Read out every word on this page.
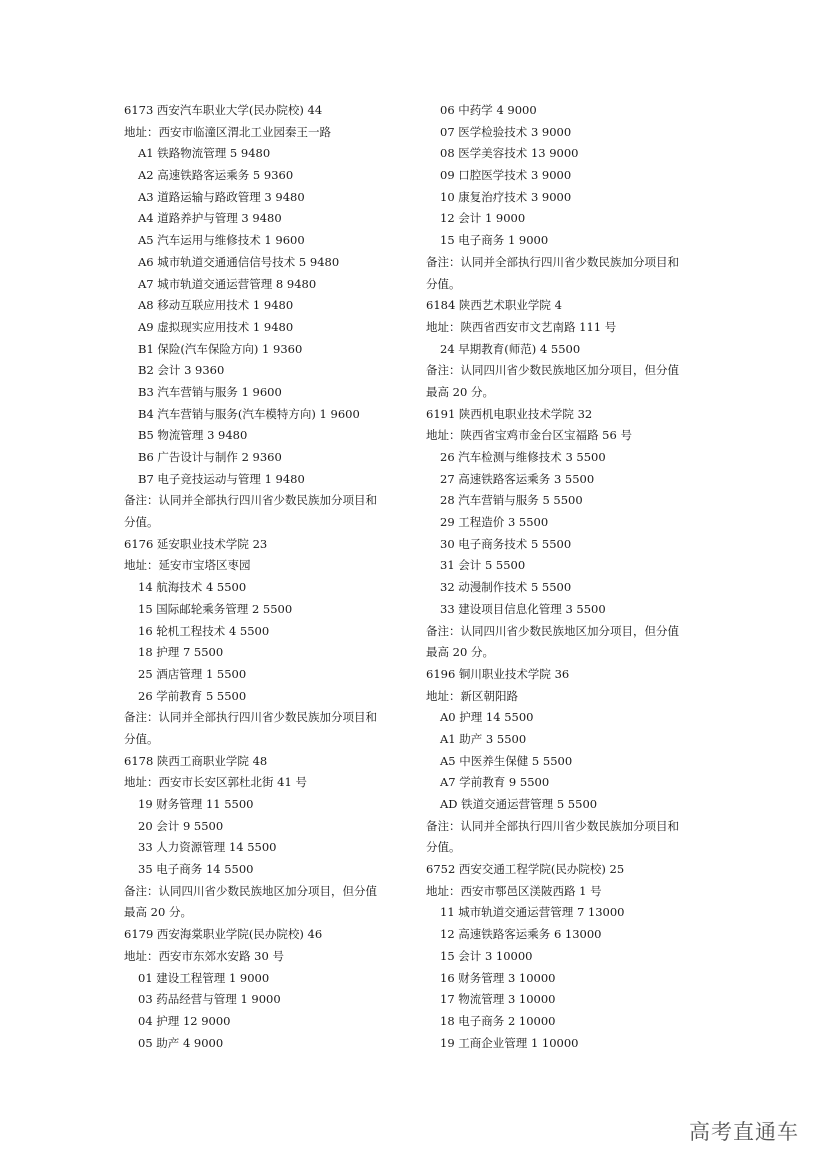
6173 西安汽车职业大学(民办院校) 44
地址：西安市临潼区渭北工业园秦王一路
A1 铁路物流管理 5 9480
A2 高速铁路客运乘务 5 9360
A3 道路运输与路政管理 3 9480
A4 道路养护与管理 3 9480
A5 汽车运用与维修技术 1 9600
A6 城市轨道交通通信信号技术 5 9480
A7 城市轨道交通运营管理 8 9480
A8 移动互联应用技术 1 9480
A9 虚拟现实应用技术 1 9480
B1 保险(汽车保险方向) 1 9360
B2 会计 3 9360
B3 汽车营销与服务 1 9600
B4 汽车营销与服务(汽车模特方向) 1 9600
B5 物流管理 3 9480
B6 广告设计与制作 2 9360
B7 电子竞技运动与管理 1 9480
备注：认同并全部执行四川省少数民族加分项目和
分值。
6176 延安职业技术学院 23
地址：延安市宝塔区枣园
14 航海技术 4 5500
15 国际邮轮乘务管理 2 5500
16 轮机工程技术 4 5500
18 护理 7 5500
25 酒店管理 1 5500
26 学前教育 5 5500
备注：认同并全部执行四川省少数民族加分项目和
分值。
6178 陕西工商职业学院 48
地址：西安市长安区郭杜北街 41 号
19 财务管理 11 5500
20 会计 9 5500
33 人力资源管理 14 5500
35 电子商务 14 5500
备注：认同四川省少数民族地区加分项目，但分值
最高 20 分。
6179 西安海棠职业学院(民办院校) 46
地址：西安市东郊水安路 30 号
01 建设工程管理 1 9000
03 药品经营与管理 1 9000
04 护理 12 9000
05 助产 4 9000
06 中药学 4 9000
07 医学检验技术 3 9000
08 医学美容技术 13 9000
09 口腔医学技术 3 9000
10 康复治疗技术 3 9000
12 会计 1 9000
15 电子商务 1 9000
备注：认同并全部执行四川省少数民族加分项目和
分值。
6184 陕西艺术职业学院 4
地址：陕西省西安市文艺南路 111 号
24 早期教育(师范) 4 5500
备注：认同四川省少数民族地区加分项目，但分值
最高 20 分。
6191 陕西机电职业技术学院 32
地址：陕西省宝鸡市金台区宝福路 56 号
26 汽车检测与维修技术 3 5500
27 高速铁路客运乘务 3 5500
28 汽车营销与服务 5 5500
29 工程造价 3 5500
30 电子商务技术 5 5500
31 会计 5 5500
32 动漫制作技术 5 5500
33 建设项目信息化管理 3 5500
备注：认同四川省少数民族地区加分项目，但分值
最高 20 分。
6196 铜川职业技术学院 36
地址：新区朝阳路
A0 护理 14 5500
A1 助产 3 5500
A5 中医养生保健 5 5500
A7 学前教育 9 5500
AD 铁道交通运营管理 5 5500
备注：认同并全部执行四川省少数民族加分项目和
分值。
6752 西安交通工程学院(民办院校) 25
地址：西安市鄠邑区渼陂西路 1 号
11 城市轨道交通运营管理 7 13000
12 高速铁路客运乘务 6 13000
15 会计 3 10000
16 财务管理 3 10000
17 物流管理 3 10000
18 电子商务 2 10000
19 工商企业管理 1 10000
高考直通车
